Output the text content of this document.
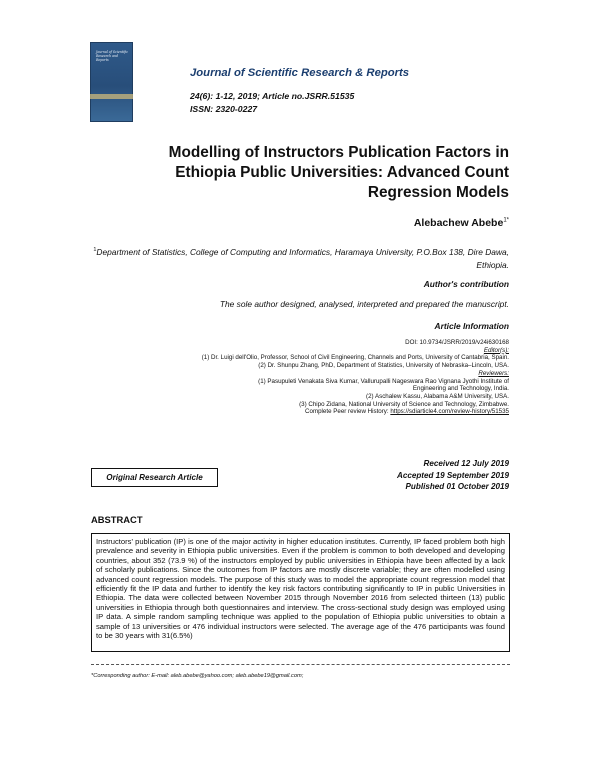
Journal of Scientific Research and Reports
Journal of Scientific Research & Reports
24(6): 1-12, 2019; Article no.JSRR.51535
ISSN: 2320-0227
Modelling of Instructors Publication Factors in Ethiopia Public Universities: Advanced Count Regression Models
Alebachew Abebe$^{1*}$
$^1$Department of Statistics, College of Computing and Informatics, Haramaya University, P.O.Box 138, Dire Dawa, Ethiopia.
Author's contribution
The sole author designed, analysed, interpreted and prepared the manuscript.
Article Information
DOI: 10.9734/JSRR/2019/v24i630168
Editor(s):
(1) Dr. Luigi dell'Olio, Professor, School of Civil Engineering, Channels and Ports, University of Cantabria, Spain.
(2) Dr. Shunpu Zhang, PhD, Department of Statistics, University of Nebraska–Lincoln, USA.
Reviewers:
(1) Pasupuleti Venakata Siva Kumar, Vallurupalli Nageswara Rao Vignana Jyothi Institute of Engineering and Technology, India.
(2) Aschalew Kassu, Alabama A&M University, USA.
(3) Chipo Zidana, National University of Science and Technology, Zimbabwe.
Complete Peer review History: https://sdiarticle4.com/review-history/51535
Original Research Article
Received 12 July 2019
Accepted 19 September 2019
Published 01 October 2019
ABSTRACT

Instructors' publication (IP) is one of the major activity in higher education institutes. Currently, IP faced problem both high prevalence and severity in Ethiopia public universities. Even if the problem is common to both developed and developing countries, about 352 (73.9 %) of the instructors employed by public universities in Ethiopia have been affected by a lack of scholarly publications. Since the outcomes from IP factors are mostly discrete variable; they are often modelled using advanced count regression models. The purpose of this study was to model the appropriate count regression model that efficiently fit the IP data and further to identify the key risk factors contributing significantly to IP in public Universities in Ethiopia. The data were collected between November 2015 through November 2016 from selected thirteen (13) public universities in Ethiopia through both questionnaires and interview. The cross-sectional study design was employed using IP data. A simple random sampling technique was applied to the population of Ethiopia public universities to obtain a sample of 13 universities or 476 individual instructors were selected. The average age of the 476 participants was found to be 30 years with 31(6.5%)

*Corresponding author: E-mail: aleb.abebe@yahoo.com; aleb.abebe19@gmail.com;
